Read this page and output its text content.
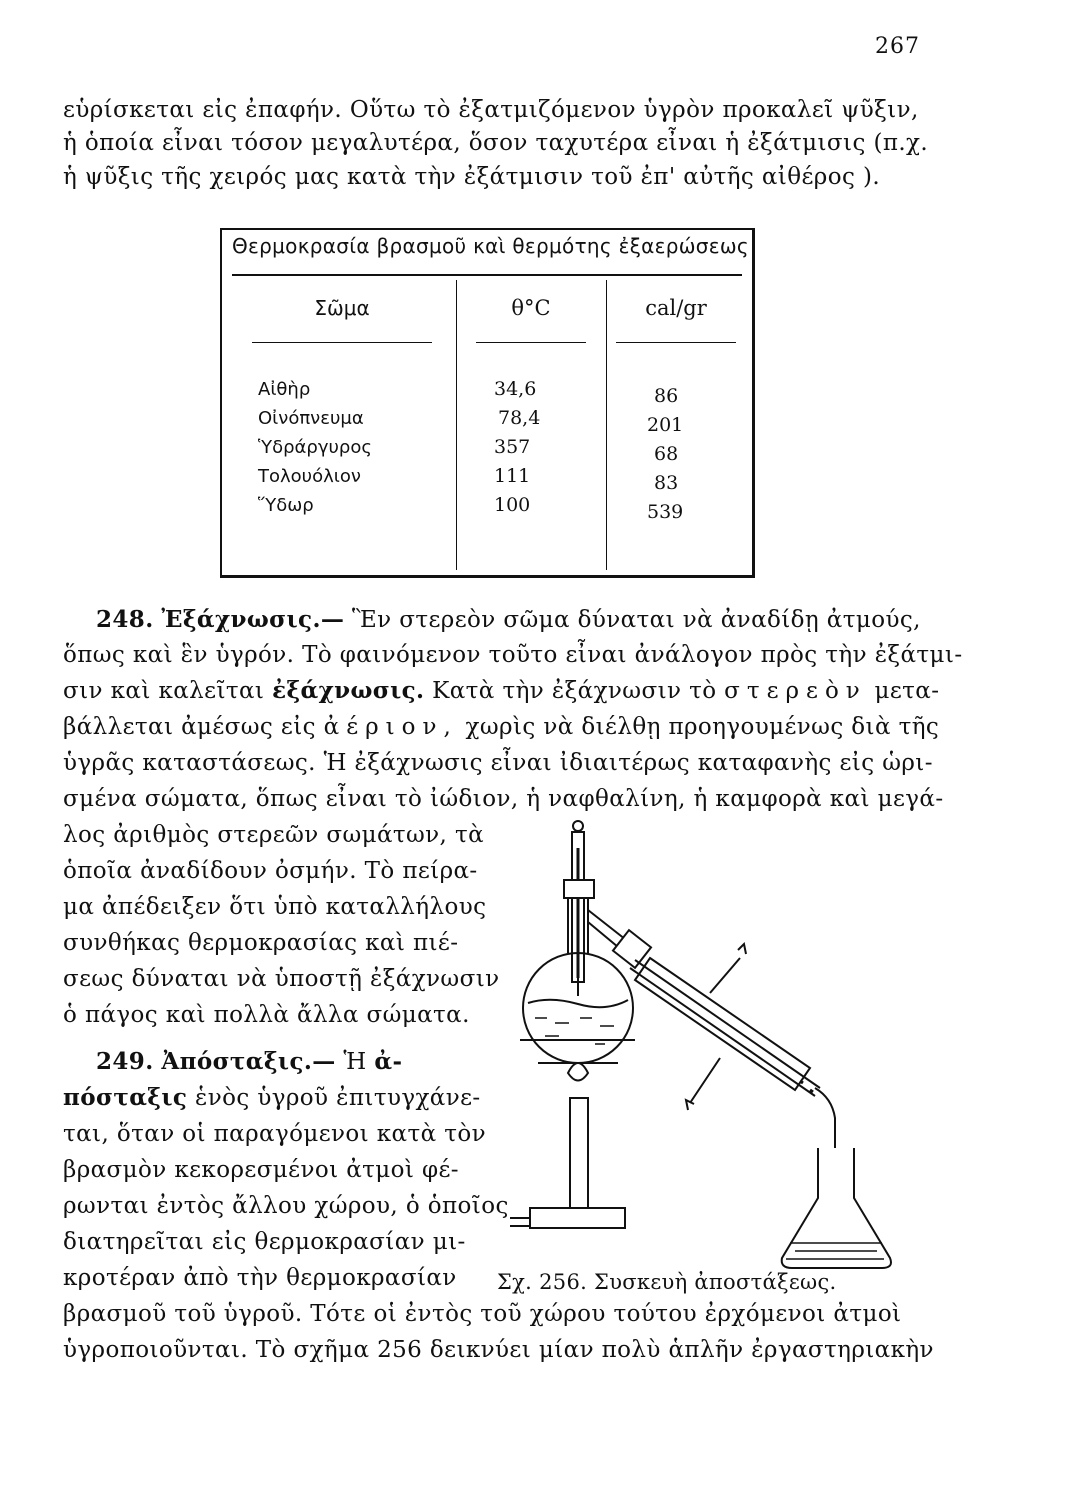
267
εὑρίσκεται εἰς ἐπαφήν. Οὕτω τὸ ἐξατμιζόμενον ὑγρὸν προκαλεῖ ψῦξιν,
ἡ ὁποία εἶναι τόσον μεγαλυτέρα, ὅσον ταχυτέρα εἶναι ἡ ἐξάτμισις (π.χ.
ἡ ψῦξις τῆς χειρός μας κατὰ τὴν ἐξάτμισιν τοῦ ἐπ' αὐτῆς αἰθέρος ).
Θερμοκρασία βρασμοῦ καὶ θερμότης ἐξαερώσεως
Σῶμα	θ°C	cal/gr
Αἰθὴρ
Οἰνόπνευμα
Ὑδράργυρος
Τολουόλιον
Ὕδωρ
34,6
78,4
357
111
100
86
201
68
83
539
248. Ἐξάχνωσις.— Ἓν στερεὸν σῶμα δύναται νὰ ἀναδίδῃ ἀτμούς,
ὅπως καὶ ἓν ὑγρόν. Τὸ φαινόμενον τοῦτο εἶναι ἀνάλογον πρὸς τὴν ἐξάτμι-
σιν καὶ καλεῖται ἐξάχνωσις. Κατὰ τὴν ἐξάχνωσιν τὸ στερεὸν μετα-
βάλλεται ἀμέσως εἰς ἀέριον, χωρὶς νὰ διέλθῃ προηγουμένως διὰ τῆς
ὑγρᾶς καταστάσεως. Ἡ ἐξάχνωσις εἶναι ἰδιαιτέρως καταφανὴς εἰς ὡρι-
σμένα σώματα, ὅπως εἶναι τὸ ἰώδιον, ἡ ναφθαλίνη, ἡ καμφορὰ καὶ μεγά-
λος ἀριθμὸς στερεῶν σωμάτων, τὰ
ὁποῖα ἀναδίδουν ὀσμήν. Τὸ πείρα-
μα ἀπέδειξεν ὅτι ὑπὸ καταλλήλους
συνθήκας θερμοκρασίας καὶ πιέ-
σεως δύναται νὰ ὑποστῇ ἐξάχνωσιν
ὁ πάγος καὶ πολλὰ ἄλλα σώματα.
249. Ἀπόσταξις.— Ἡ ἀ-
πόσταξις ἑνὸς ὑγροῦ ἐπιτυγχάνε-
ται, ὅταν οἱ παραγόμενοι κατὰ τὸν
βρασμὸν κεκορεσμένοι ἀτμοὶ φέ-
ρωνται ἐντὸς ἄλλου χώρου, ὁ ὁποῖος
διατηρεῖται εἰς θερμοκρασίαν μι-
κροτέραν ἀπὸ τὴν θερμοκρασίαν
βρασμοῦ τοῦ ὑγροῦ. Τότε οἱ ἐντὸς τοῦ χώρου τούτου ἐρχόμενοι ἀτμοὶ
ὑγροποιοῦνται. Τὸ σχῆμα 256 δεικνύει μίαν πολὺ ἁπλῆν ἐργαστηριακὴν
Σχ. 256. Συσκευὴ ἀποστάξεως.
